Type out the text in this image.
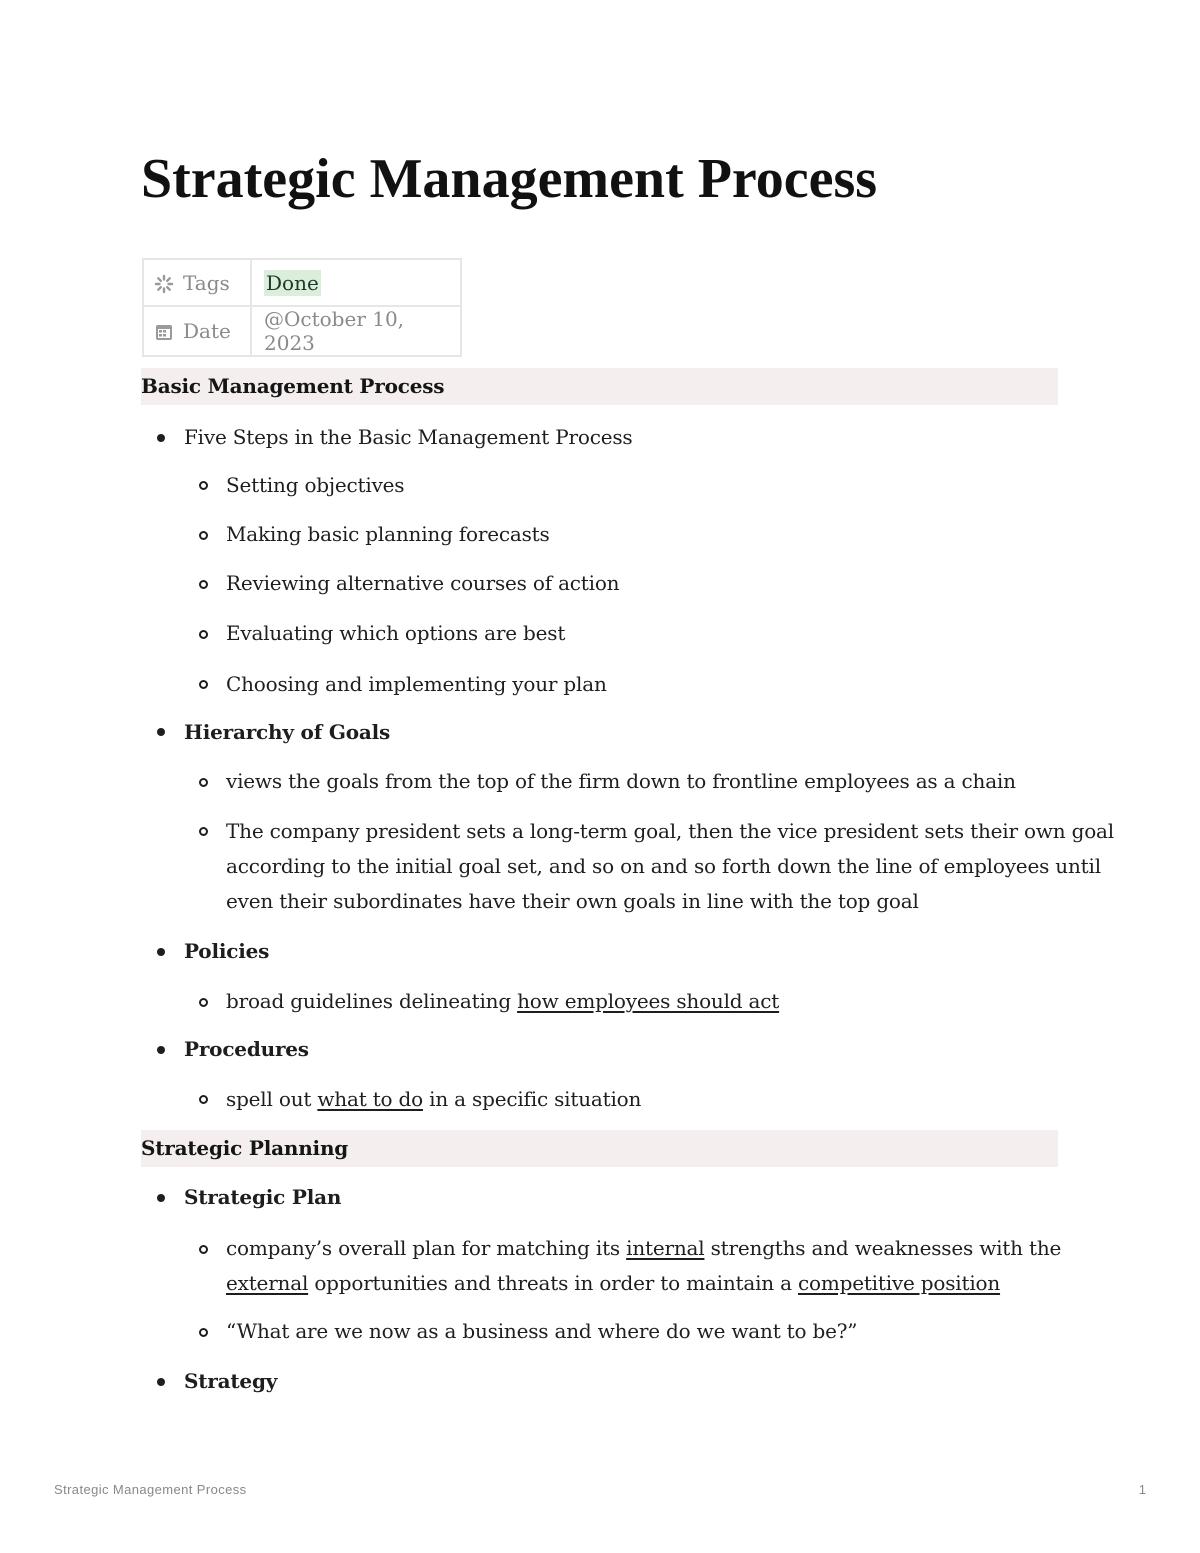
Strategic Management Process
Tags	Done
Date	@October 10, 2023
Basic Management Process
Five Steps in the Basic Management Process
Setting objectives
Making basic planning forecasts
Reviewing alternative courses of action
Evaluating which options are best
Choosing and implementing your plan
Hierarchy of Goals
views the goals from the top of the firm down to frontline employees as a chain
The company president sets a long-term goal, then the vice president sets their own goal
according to the initial goal set, and so on and so forth down the line of employees until
even their subordinates have their own goals in line with the top goal
Policies
broad guidelines delineating how employees should act
Procedures
spell out what to do in a specific situation
Strategic Planning
Strategic Plan
company’s overall plan for matching its internal strengths and weaknesses with the
external opportunities and threats in order to maintain a competitive position
“What are we now as a business and where do we want to be?”
Strategy
Strategic Management Process	1
